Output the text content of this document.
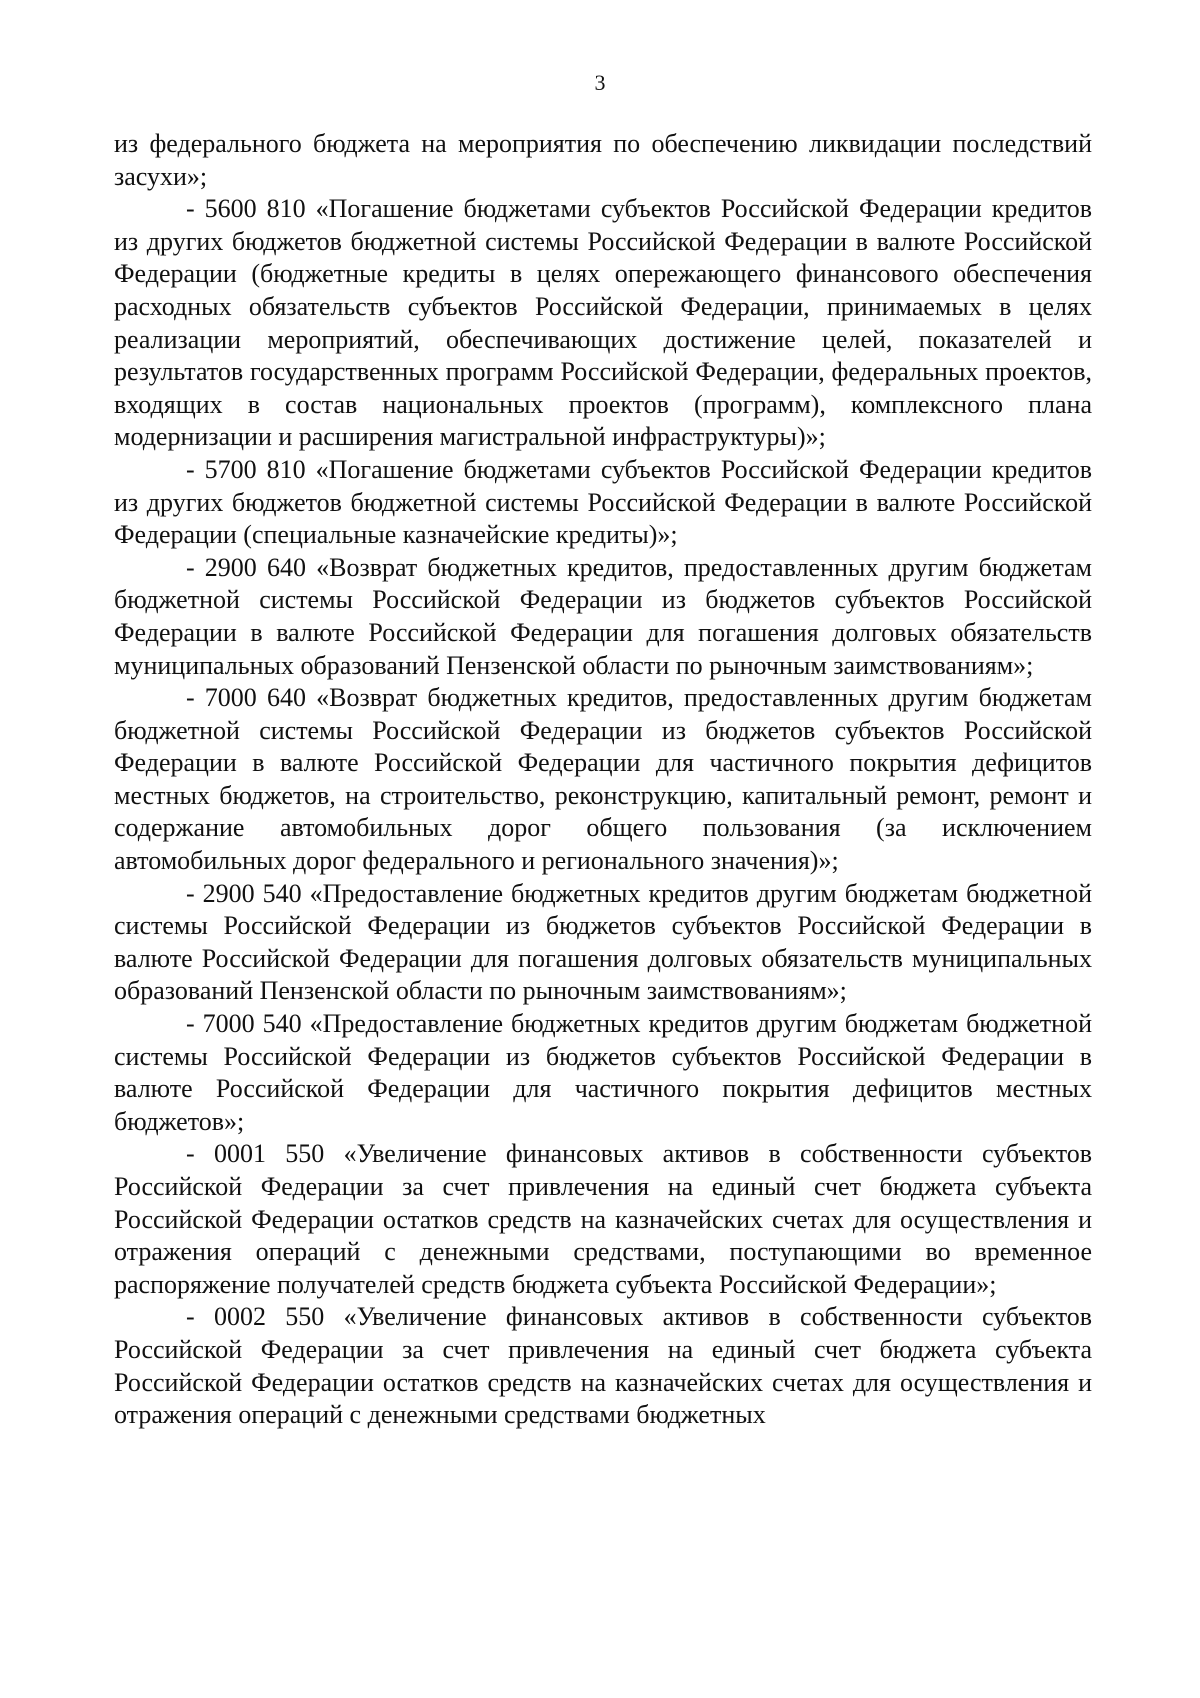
3

из федерального бюджета на мероприятия по обеспечению ликвидации последствий засухи»;

- 5600 810 «Погашение бюджетами субъектов Российской Федерации кредитов из других бюджетов бюджетной системы Российской Федерации в валюте Российской Федерации (бюджетные кредиты в целях опережающего финансового обеспечения расходных обязательств субъектов Российской Федерации, принимаемых в целях реализации мероприятий, обеспечивающих достижение целей, показателей и результатов государственных программ Российской Федерации, федеральных проектов, входящих в состав национальных проектов (программ), комплексного плана модернизации и расширения магистральной инфраструктуры)»;

- 5700 810 «Погашение бюджетами субъектов Российской Федерации кредитов из других бюджетов бюджетной системы Российской Федерации в валюте Российской Федерации (специальные казначейские кредиты)»;

- 2900 640 «Возврат бюджетных кредитов, предоставленных другим бюджетам бюджетной системы Российской Федерации из бюджетов субъектов Российской Федерации в валюте Российской Федерации для погашения долговых обязательств муниципальных образований Пензенской области по рыночным заимствованиям»;

- 7000 640 «Возврат бюджетных кредитов, предоставленных другим бюджетам бюджетной системы Российской Федерации из бюджетов субъектов Российской Федерации в валюте Российской Федерации для частичного покрытия дефицитов местных бюджетов, на строительство, реконструкцию, капитальный ремонт, ремонт и содержание автомобильных дорог общего пользования (за исключением автомобильных дорог федерального и регионального значения)»;

- 2900 540 «Предоставление бюджетных кредитов другим бюджетам бюджетной системы Российской Федерации из бюджетов субъектов Российской Федерации в валюте Российской Федерации для погашения долговых обязательств муниципальных образований Пензенской области по рыночным заимствованиям»;

- 7000 540 «Предоставление бюджетных кредитов другим бюджетам бюджетной системы Российской Федерации из бюджетов субъектов Российской Федерации в валюте Российской Федерации для частичного покрытия дефицитов местных бюджетов»;

- 0001 550 «Увеличение финансовых активов в собственности субъектов Российской Федерации за счет привлечения на единый счет бюджета субъекта Российской Федерации остатков средств на казначейских счетах для осуществления и отражения операций с денежными средствами, поступающими во временное распоряжение получателей средств бюджета субъекта Российской Федерации»;

- 0002 550 «Увеличение финансовых активов в собственности субъектов Российской Федерации за счет привлечения на единый счет бюджета субъекта Российской Федерации остатков средств на казначейских счетах для осуществления и отражения операций с денежными средствами бюджетных
